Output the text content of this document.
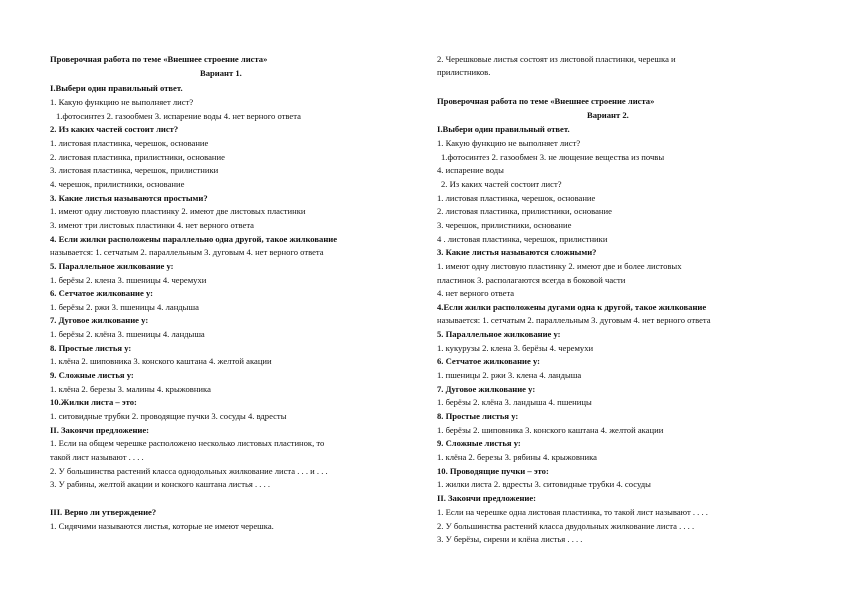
Проверочная работа по теме «Внешнее строение листа»
Вариант 1.
I.Выбери один правильный ответ.
1. Какую функцию не выполняет лист?
1.фотосинтез 2. газообмен 3. испарение воды 4. нет верного ответа
2. Из каких частей состоит лист?
1. листовая пластинка, черешок, основание
2. листовая пластинка, прилистники, основание
3. листовая пластинка, черешок, прилистники
4. черешок, прилистники, основание
3. Какие листья называются простыми?
1. имеют одну листовую пластинку 2. имеют две листовых пластинки
3. имеют три листовых пластинки 4. нет верного ответа
4. Если жилки расположены параллельно одна другой, такое жилкование
называется: 1. сетчатым 2. параллельным 3. дуговым 4. нет верного ответа
5. Параллельное жилкование у:
1. берёзы 2. клена 3. пшеницы 4. черемухи
6. Сетчатое жилкование у:
1. берёзы 2. ржи 3. пшеницы 4. ландыша
7. Дуговое жилкование у:
1. берёзы 2. клёна 3. пшеницы 4. ландыша
8. Простые листья у:
1. клёна 2. шиповника 3. конского каштана 4. желтой акации
9. Сложные листья у:
1. клёна 2. березы 3. малины 4. крыжовника
10.Жилки листа – это:
1. ситовидные трубки 2. проводящие пучки 3. сосуды 4. вдресты
II. Закончи предложение:
1. Если на общем черешке расположено несколько листовых пластинок, то
такой лист называют . . . .
2. У большинства растений класса однодольных жилкование листа . . . и . . .
3. У рабины, желтой акации и конского каштана листья . . . .
III. Верно ли утверждение?
1. Сидячими называются листья, которые не имеют черешка.
2. Черешковые листья состоят из листовой пластинки, черешка и
прилистников.
Проверочная работа по теме «Внешнее строение листа»
Вариант 2.
I.Выбери один правильный ответ.
1. Какую функцию не выполняет лист?
1.фотосинтез 2. газообмен 3. не лющение вещества из почвы
4. испарение воды
2. Из каких частей состоит лист?
1. листовая пластинка, черешок, основание
2. листовая пластинка, прилистники, основание
3. черешок, прилистники, основание
4 . листовая пластинка, черешок, прилистники
3. Какие листья называются сложными?
1. имеют одну листовую пластинку 2. имеют две и более листовых
пластинок 3. располагаются всегда в боковой части
4. нет верного ответа
4.Если жилки расположены дугами одна к другой, такое жилкование
называется: 1. сетчатым 2. параллельным 3. дуговым 4. нет верного ответа
5. Параллельное жилкование у:
1. кукурузы 2. клена 3. берёзы 4. черемухи
6. Сетчатое жилкование у:
1. пшеницы 2. ржи 3. клена 4. ландыша
7. Дуговое жилкование у:
1. берёзы 2. клёна 3. ландыша 4. пшеницы
8. Простые листья у:
1. берёзы 2. шиповника 3. конского каштана 4. желтой акации
9. Сложные листья у:
1. клёна 2. березы 3. рябины 4. крыжовника
10. Проводящие пучки – это:
1. жилки листа 2. вдресты 3. ситовидные трубки 4. сосуды
II. Закончи предложение:
1. Если на черешке одна листовая пластинка, то такой лист называют . . . .
2. У большинства растений класса двудольных жилкование листа . . . .
3. У берёзы, сирени и клёна листья . . . .
